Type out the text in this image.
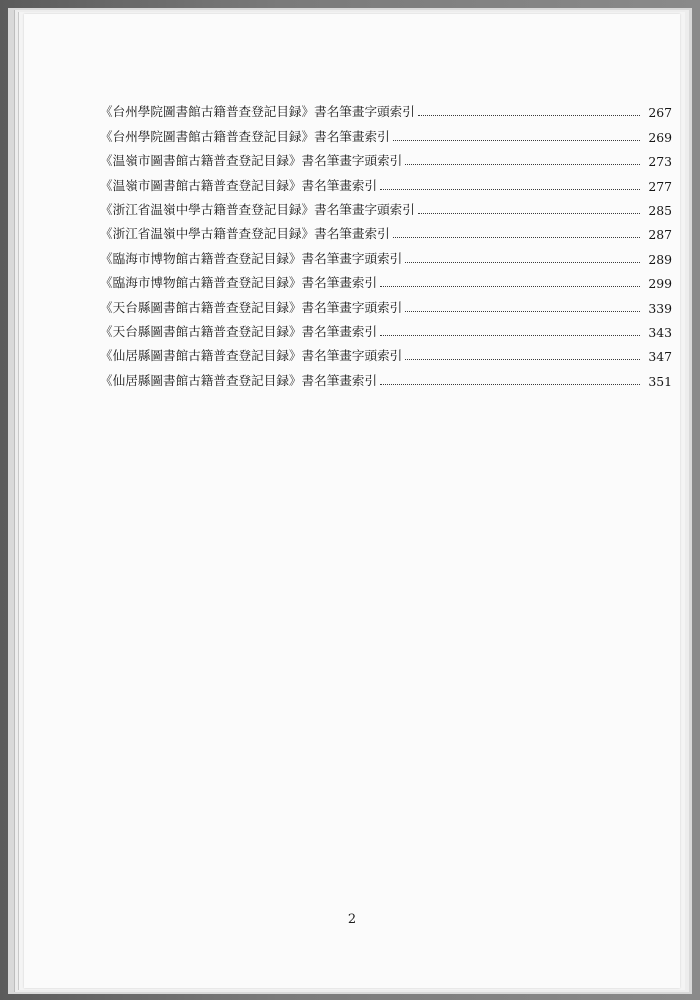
《台州學院圖書館古籍普查登記目録》書名筆畫字頭索引	267
《台州學院圖書館古籍普查登記目録》書名筆畫索引	269
《温嶺市圖書館古籍普查登記目録》書名筆畫字頭索引	273
《温嶺市圖書館古籍普查登記目録》書名筆畫索引	277
《浙江省温嶺中學古籍普查登記目録》書名筆畫字頭索引	285
《浙江省温嶺中學古籍普查登記目録》書名筆畫索引	287
《臨海市博物館古籍普查登記目録》書名筆畫字頭索引	289
《臨海市博物館古籍普查登記目録》書名筆畫索引	299
《天台縣圖書館古籍普查登記目録》書名筆畫字頭索引	339
《天台縣圖書館古籍普查登記目録》書名筆畫索引	343
《仙居縣圖書館古籍普查登記目録》書名筆畫字頭索引	347
《仙居縣圖書館古籍普查登記目録》書名筆畫索引	351
2
